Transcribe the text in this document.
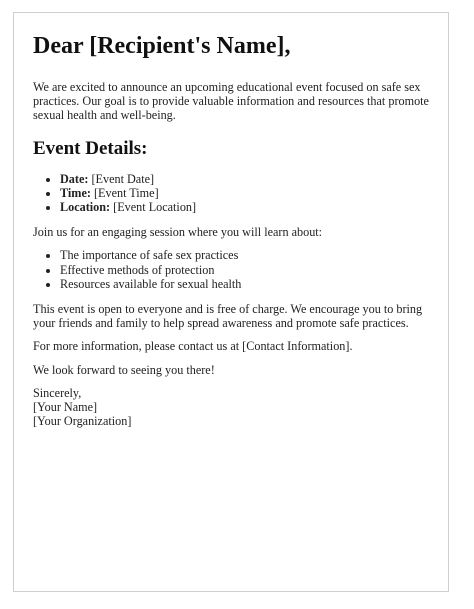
Dear [Recipient's Name],

We are excited to announce an upcoming educational event focused on safe sex practices. Our goal is to provide valuable information and resources that promote sexual health and well-being.

Event Details:
• Date: [Event Date]
• Time: [Event Time]
• Location: [Event Location]

Join us for an engaging session where you will learn about:

• The importance of safe sex practices
• Effective methods of protection
• Resources available for sexual health

This event is open to everyone and is free of charge. We encourage you to bring your friends and family to help spread awareness and promote safe practices.

For more information, please contact us at [Contact Information].

We look forward to seeing you there!

Sincerely,

[Your Name]

[Your Organization]
